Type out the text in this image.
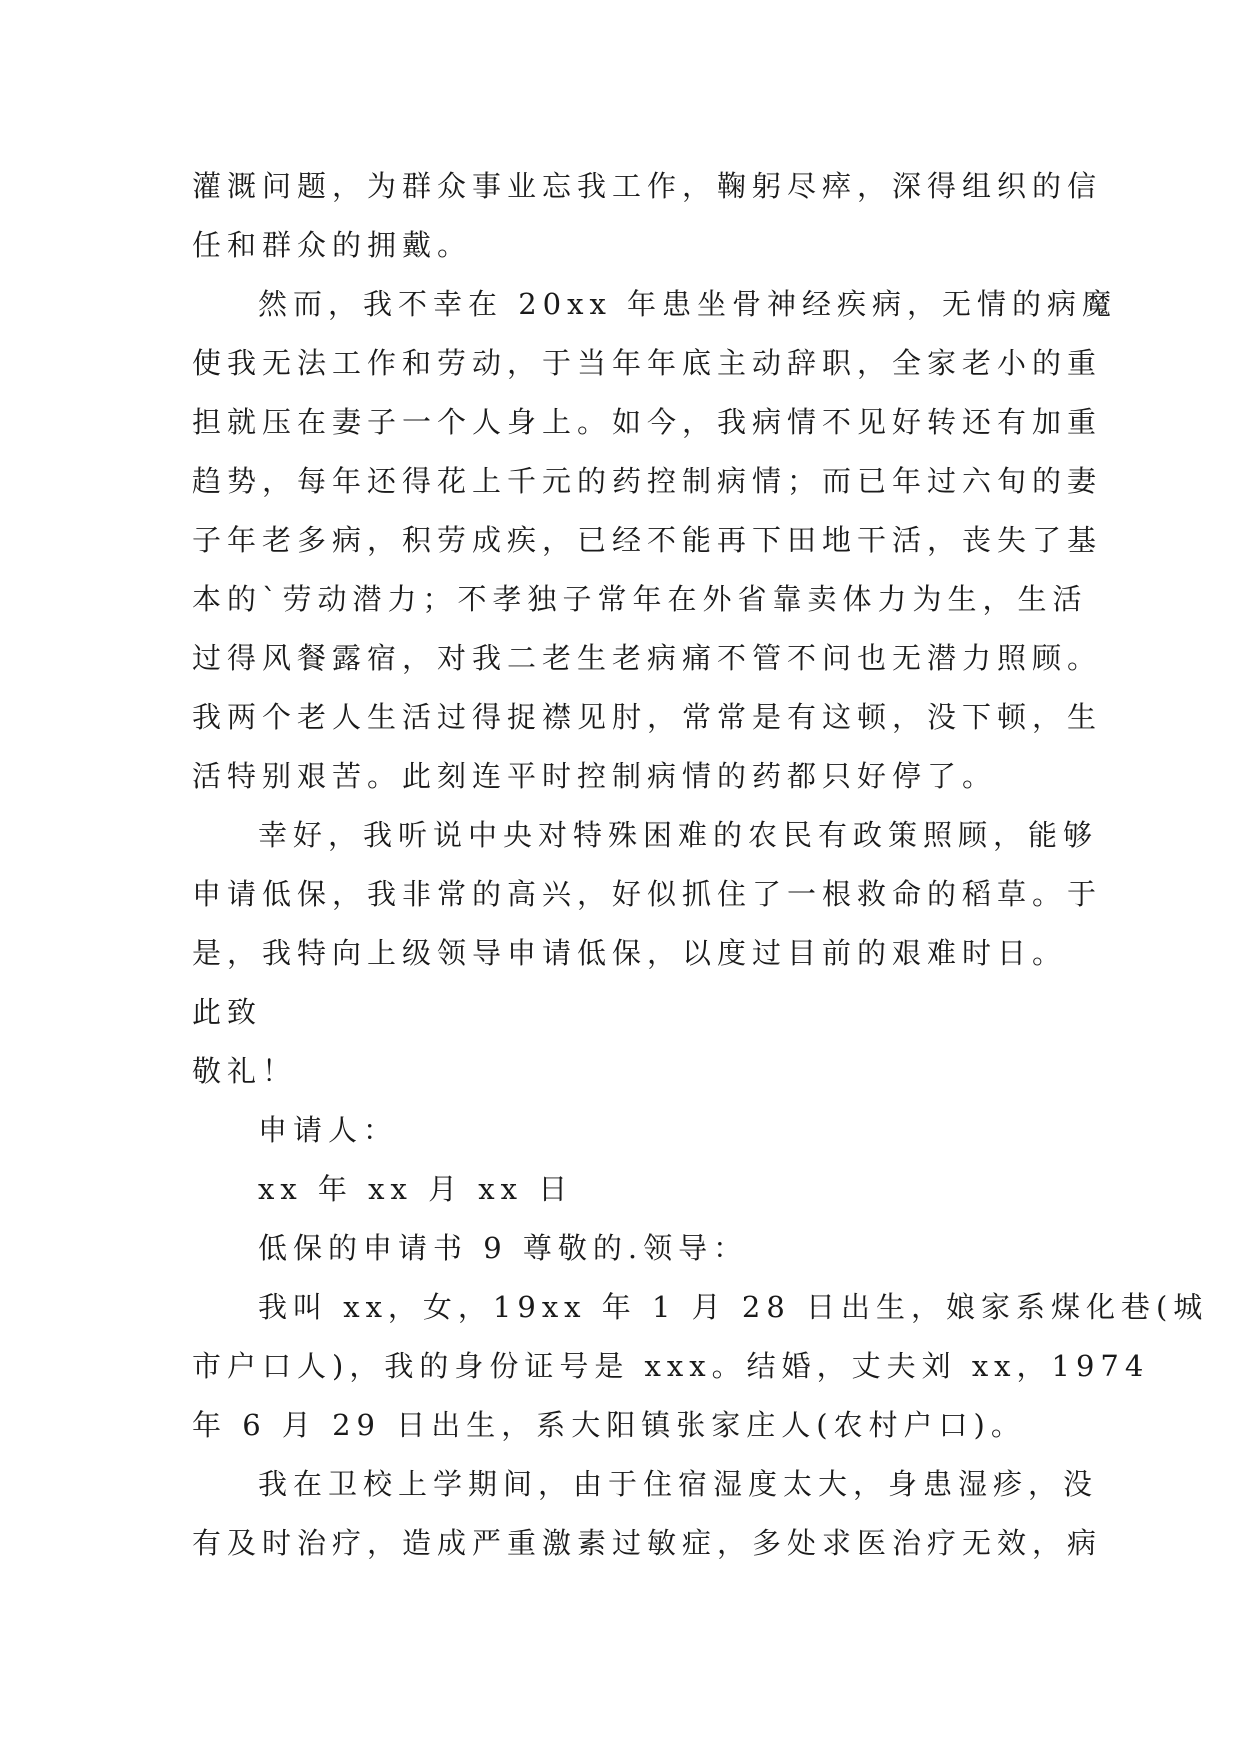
灌溉问题，为群众事业忘我工作，鞠躬尽瘁，深得组织的信
任和群众的拥戴。
然而，我不幸在 20xx 年患坐骨神经疾病，无情的病魔
使我无法工作和劳动，于当年年底主动辞职，全家老小的重
担就压在妻子一个人身上。如今，我病情不见好转还有加重
趋势，每年还得花上千元的药控制病情；而已年过六旬的妻
子年老多病，积劳成疾，已经不能再下田地干活，丧失了基
本的`劳动潜力；不孝独子常年在外省靠卖体力为生，生活
过得风餐露宿，对我二老生老病痛不管不问也无潜力照顾。
我两个老人生活过得捉襟见肘，常常是有这顿，没下顿，生
活特别艰苦。此刻连平时控制病情的药都只好停了。
幸好，我听说中央对特殊困难的农民有政策照顾，能够
申请低保，我非常的高兴，好似抓住了一根救命的稻草。于
是，我特向上级领导申请低保，以度过目前的艰难时日。
此致
敬礼！
申请人：
xx 年 xx 月 xx 日
低保的申请书 9 尊敬的.领导：
我叫 xx，女，19xx 年 1 月 28 日出生，娘家系煤化巷(城
市户口人)，我的身份证号是 xxx。结婚，丈夫刘 xx，1974
年 6 月 29 日出生，系大阳镇张家庄人(农村户口)。
我在卫校上学期间，由于住宿湿度太大，身患湿疹，没
有及时治疗，造成严重激素过敏症，多处求医治疗无效，病
